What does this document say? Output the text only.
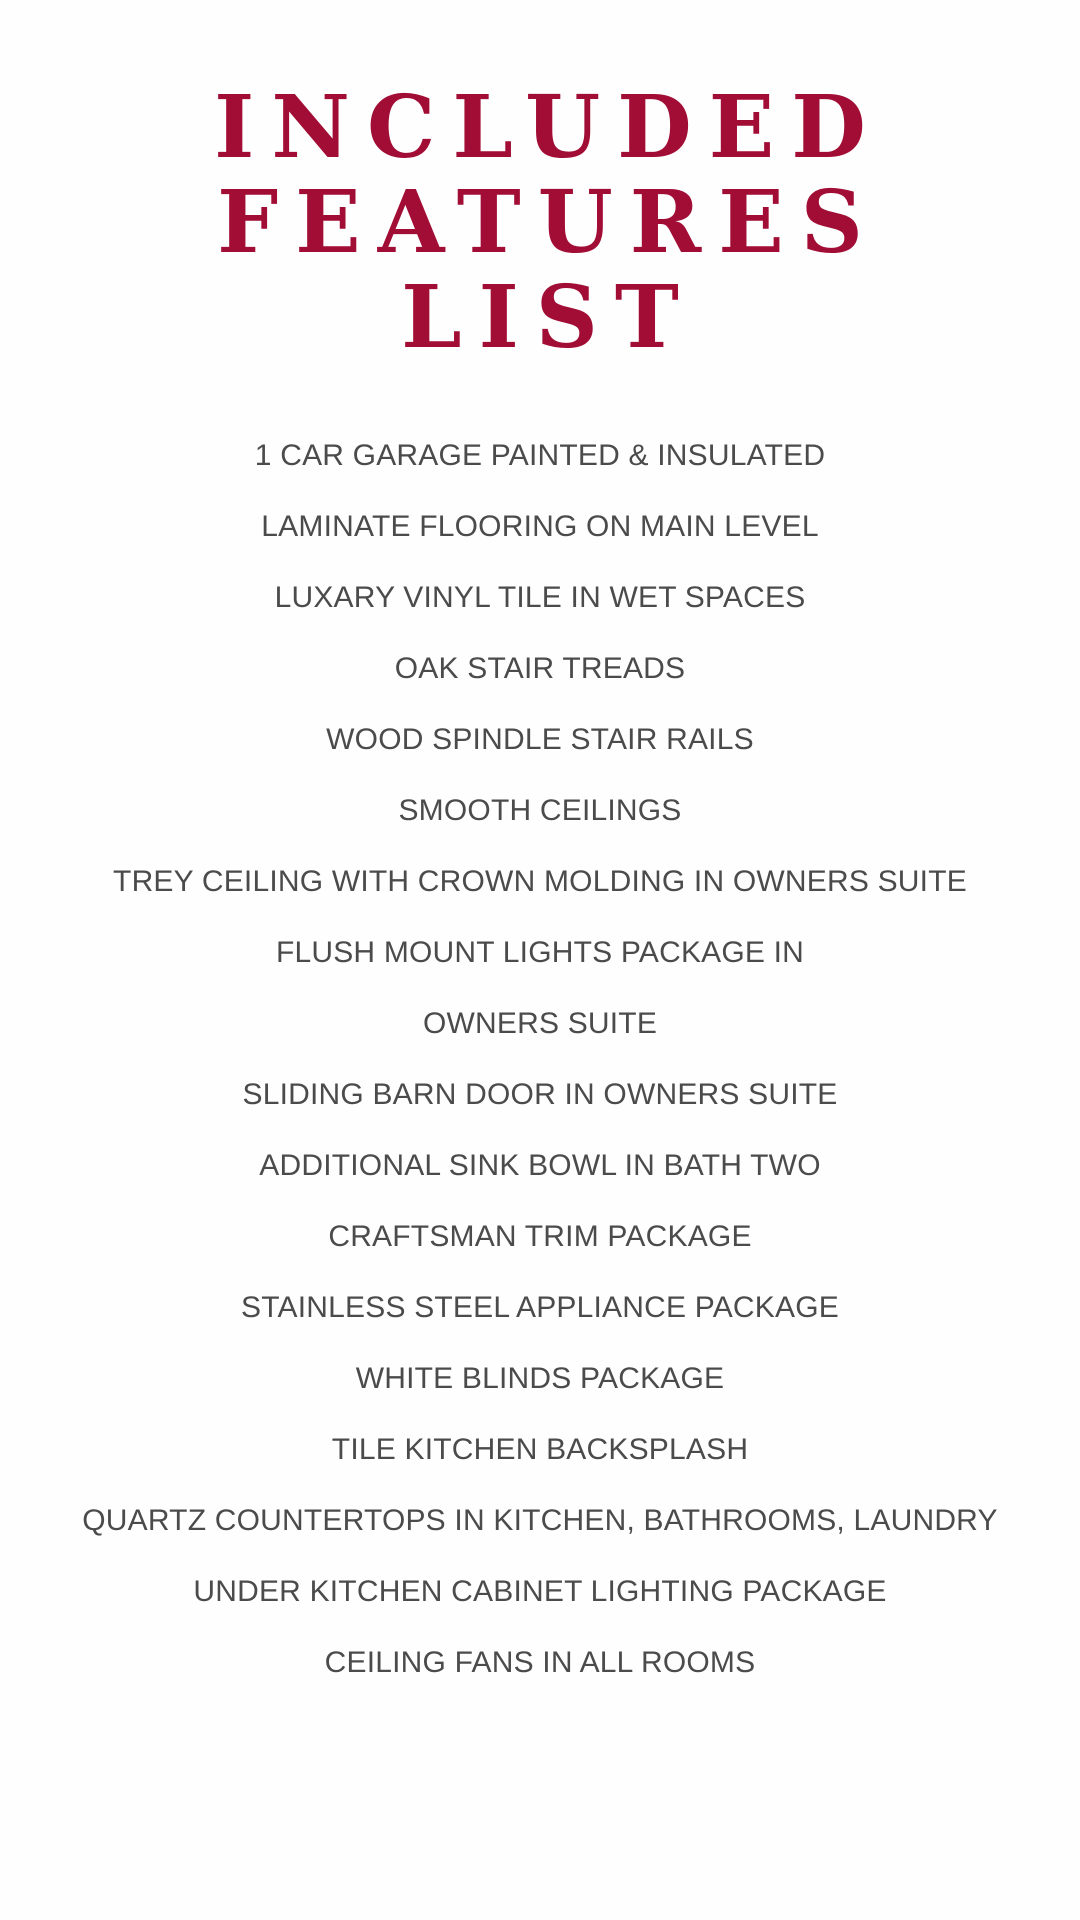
INCLUDED
FEATURES
LIST
1 CAR GARAGE PAINTED & INSULATED
LAMINATE FLOORING ON MAIN LEVEL
LUXARY VINYL TILE IN WET SPACES
OAK STAIR TREADS
WOOD SPINDLE STAIR RAILS
SMOOTH CEILINGS
TREY CEILING WITH CROWN MOLDING IN OWNERS SUITE
FLUSH MOUNT LIGHTS PACKAGE IN
OWNERS SUITE
SLIDING BARN DOOR IN OWNERS SUITE
ADDITIONAL SINK BOWL IN BATH TWO
CRAFTSMAN TRIM PACKAGE
STAINLESS STEEL APPLIANCE PACKAGE
WHITE BLINDS PACKAGE
TILE KITCHEN BACKSPLASH
QUARTZ COUNTERTOPS IN KITCHEN, BATHROOMS, LAUNDRY
UNDER KITCHEN CABINET LIGHTING PACKAGE
CEILING FANS IN ALL ROOMS
